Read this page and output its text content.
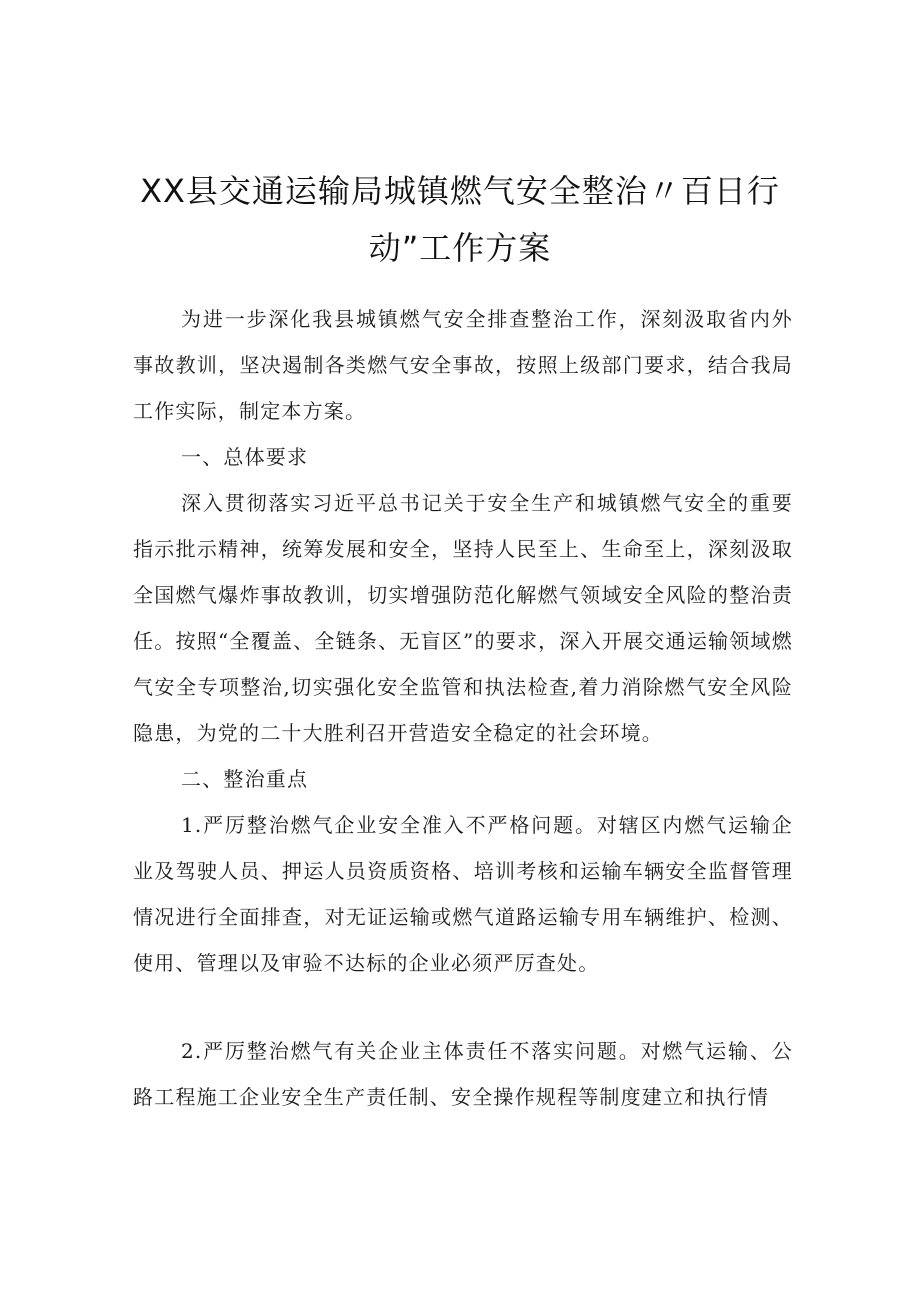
XX县交通运输局城镇燃气安全整治〃百日行
动”工作方案

为进一步深化我县城镇燃气安全排查整治工作，深刻汲取省内外事故教训，坚决遏制各类燃气安全事故，按照上级部门要求，结合我局工作实际，制定本方案。

一、总体要求

深入贯彻落实习近平总书记关于安全生产和城镇燃气安全的重要指示批示精神，统筹发展和安全，坚持人民至上、生命至上，深刻汲取全国燃气爆炸事故教训，切实增强防范化解燃气领域安全风险的整治责任。按照“全覆盖、全链条、无盲区”的要求，深入开展交通运输领域燃气安全专项整治,切实强化安全监管和执法检查,着力消除燃气安全风险隐患，为党的二十大胜利召开营造安全稳定的社会环境。

二、整治重点

1.严厉整治燃气企业安全准入不严格问题。对辖区内燃气运输企业及驾驶人员、押运人员资质资格、培训考核和运输车辆安全监督管理情况进行全面排查，对无证运输或燃气道路运输专用车辆维护、检测、使用、管理以及审验不达标的企业必须严厉查处。

2.严厉整治燃气有关企业主体责任不落实问题。对燃气运输、公路工程施工企业安全生产责任制、安全操作规程等制度建立和执行情
